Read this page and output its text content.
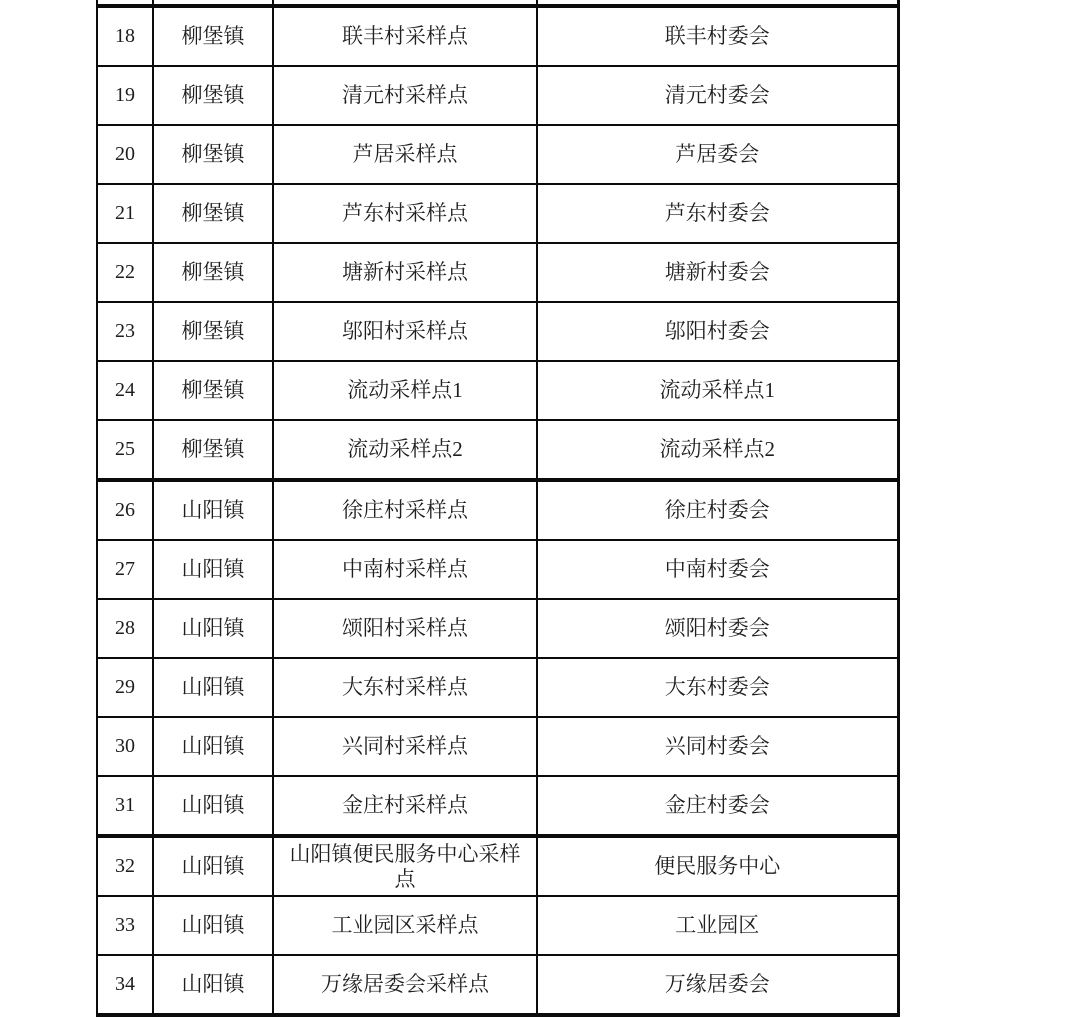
18	柳堡镇	联丰村采样点	联丰村委会
19	柳堡镇	清元村采样点	清元村委会
20	柳堡镇	芦居采样点	芦居委会
21	柳堡镇	芦东村采样点	芦东村委会
22	柳堡镇	塘新村采样点	塘新村委会
23	柳堡镇	邬阳村采样点	邬阳村委会
24	柳堡镇	流动采样点1	流动采样点1
25	柳堡镇	流动采样点2	流动采样点2
26	山阳镇	徐庄村采样点	徐庄村委会
27	山阳镇	中南村采样点	中南村委会
28	山阳镇	颂阳村采样点	颂阳村委会
29	山阳镇	大东村采样点	大东村委会
30	山阳镇	兴同村采样点	兴同村委会
31	山阳镇	金庄村采样点	金庄村委会
32	山阳镇	山阳镇便民服务中心采样点	便民服务中心
33	山阳镇	工业园区采样点	工业园区
34	山阳镇	万缘居委会采样点	万缘居委会
